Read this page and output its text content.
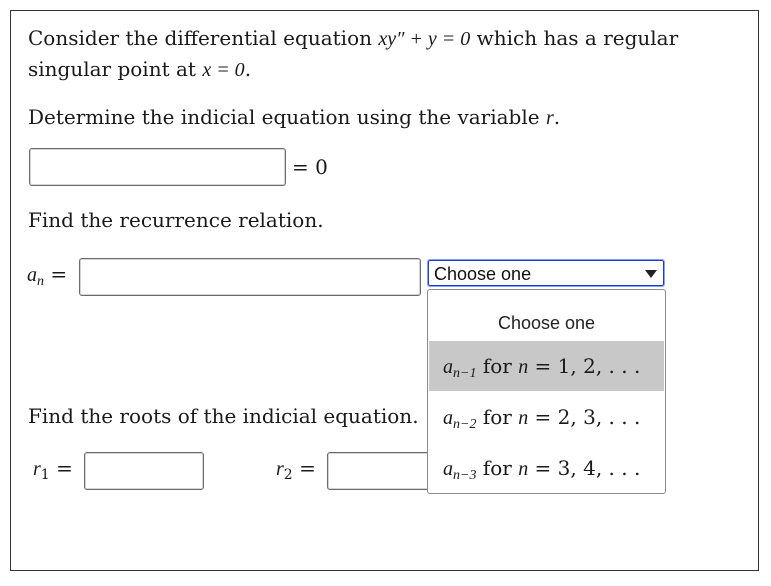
Consider the differential equation xy″ + y = 0 which has a regular
singular point at x = 0.
Determine the indicial equation using the variable r.
= 0
Find the recurrence relation.
$a_n$ =	Choose one
Find the roots of the indicial equation.
$r_1$ =	$r_2$ =
Choose one
$a_{n-1}$ for n = 1, 2, . . .
$a_{n-2}$ for n = 2, 3, . . .
$a_{n-3}$ for n = 3, 4, . . .
